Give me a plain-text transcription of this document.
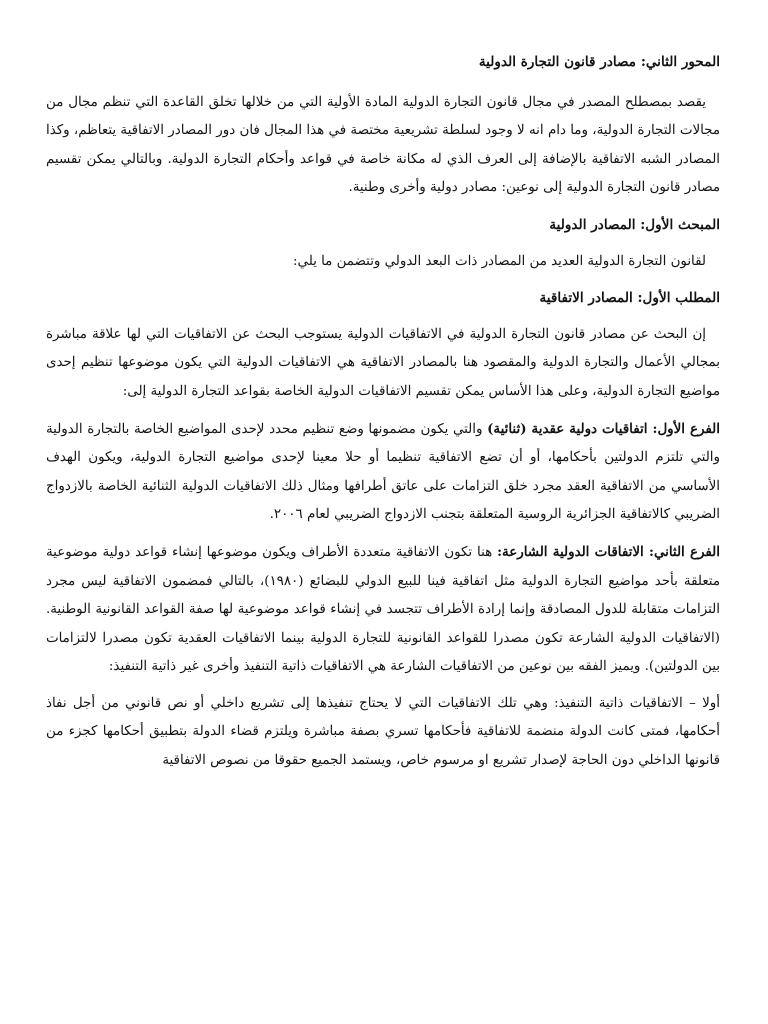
المحور الثاني: مصادر قانون التجارة الدولية

يقصد بمصطلح المصدر في مجال قانون التجارة الدولية المادة الأولية التي من خلالها تخلق القاعدة التي تنظم مجال من مجالات التجارة الدولية، وما دام انه لا وجود لسلطة تشريعية مختصة في هذا المجال فان دور المصادر الاتفاقية يتعاظم، وكذا المصادر الشبه الاتفاقية بالإضافة إلى العرف الذي له مكانة خاصة في قواعد وأحكام التجارة الدولية. وبالتالي يمكن تقسيم مصادر قانون التجارة الدولية إلى نوعين: مصادر دولية وأخرى وطنية.

المبحث الأول: المصادر الدولية

لقانون التجارة الدولية العديد من المصادر ذات البعد الدولي وتتضمن ما يلي:

المطلب الأول: المصادر الاتفاقية

إن البحث عن مصادر قانون التجارة الدولية في الاتفاقيات الدولية يستوجب البحث عن الاتفاقيات التي لها علاقة مباشرة بمجالي الأعمال والتجارة الدولية والمقصود هنا بالمصادر الاتفاقية هي الاتفاقيات الدولية التي يكون موضوعها تنظيم إحدى مواضيع التجارة الدولية، وعلى هذا الأساس يمكن تقسيم الاتفاقيات الدولية الخاصة بقواعد التجارة الدولية إلى:

الفرع الأول: اتفاقيات دولية عقدية (ثنائية) والتي يكون مضمونها وضع تنظيم محدد لإحدى المواضيع الخاصة بالتجارة الدولية والتي تلتزم الدولتين بأحكامها، أو أن تضع الاتفاقية تنظيما أو حلا معينا لإحدى مواضيع التجارة الدولية، ويكون الهدف الأساسي من الاتفاقية العقد مجرد خلق التزامات على عاتق أطرافها ومثال ذلك الاتفاقيات الدولية الثنائية الخاصة بالازدواج الضريبي كالاتفاقية الجزائرية الروسية المتعلقة بتجنب الازدواج الضريبي لعام ٢٠٠٦.

الفرع الثاني: الاتفاقات الدولية الشارعة: هنا تكون الاتفاقية متعددة الأطراف ويكون موضوعها إنشاء قواعد دولية موضوعية متعلقة بأحد مواضيع التجارة الدولية مثل اتفاقية فينا للبيع الدولي للبضائع (١٩٨٠)، بالتالي فمضمون الاتفاقية ليس مجرد التزامات متقابلة للدول المصادقة وإنما إرادة الأطراف تتجسد في إنشاء قواعد موضوعية لها صفة القواعد القانونية الوطنية. (الاتفاقيات الدولية الشارعة تكون مصدرا للقواعد القانونية للتجارة الدولية بينما الاتفاقيات العقدية تكون مصدرا لالتزامات بين الدولتين). ويميز الفقه بين نوعين من الاتفاقيات الشارعة هي الاتفاقيات ذاتية التنفيذ وأخرى غير ذاتية التنفيذ:

أولا – الاتفاقيات ذاتية التنفيذ: وهي تلك الاتفاقيات التي لا يحتاج تنفيذها إلى تشريع داخلي أو نص قانوني من أجل نفاذ أحكامها، فمتى كانت الدولة منضمة للاتفاقية فأحكامها تسري بصفة مباشرة ويلتزم قضاء الدولة بتطبيق أحكامها كجزء من قانونها الداخلي دون الحاجة لإصدار تشريع او مرسوم خاص، ويستمد الجميع حقوقا من نصوص الاتفاقية
